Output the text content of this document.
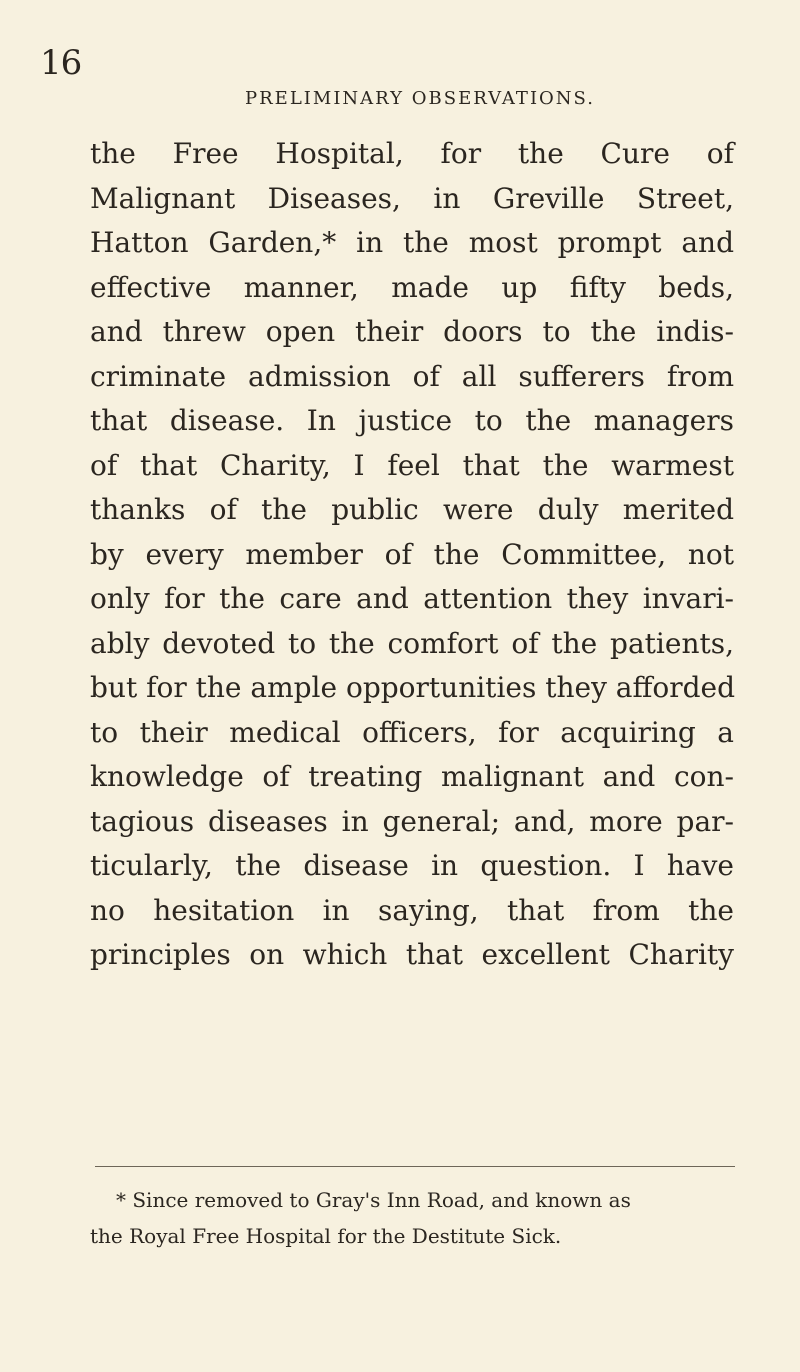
16
PRELIMINARY OBSERVATIONS.
the Free Hospital, for the Cure of
Malignant Diseases, in Greville Street,
Hatton Garden,* in the most prompt and
effective manner, made up fifty beds,
and threw open their doors to the indis-
criminate admission of all sufferers from
that disease. In justice to the managers
of that Charity, I feel that the warmest
thanks of the public were duly merited
by every member of the Committee, not
only for the care and attention they invari-
ably devoted to the comfort of the patients,
but for the ample opportunities they afforded
to their medical officers, for acquiring a
knowledge of treating malignant and con-
tagious diseases in general; and, more par-
ticularly, the disease in question. I have
no hesitation in saying, that from the
principles on which that excellent Charity
* Since removed to Gray's Inn Road, and known as
the Royal Free Hospital for the Destitute Sick.
